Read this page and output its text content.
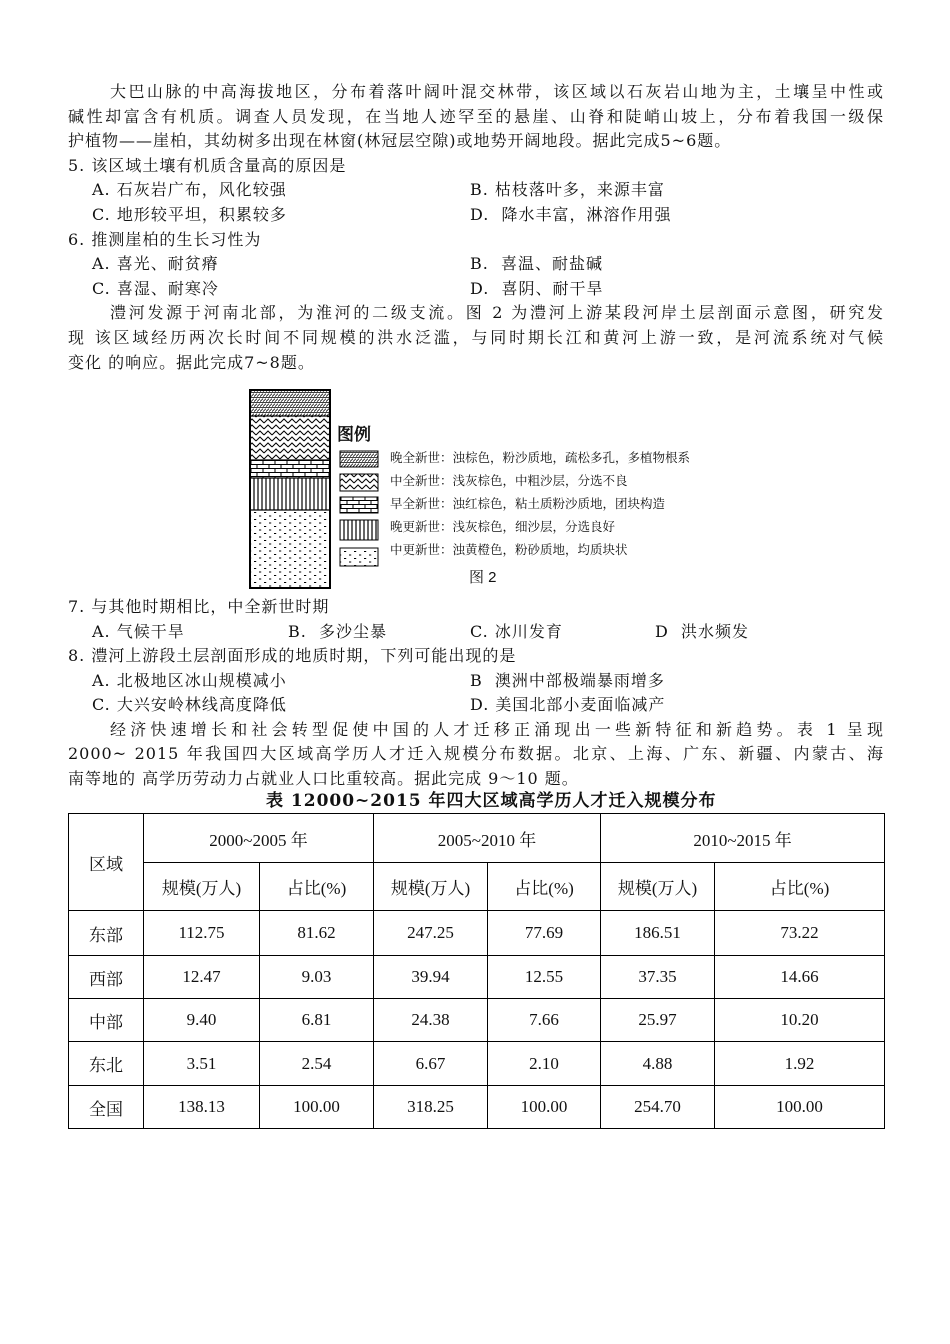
大巴山脉的中高海拔地区，分布着落叶阔叶混交林带，该区域以石灰岩山地为主，土壤呈中性或
碱性却富含有机质。调查人员发现，在当地人迹罕至的悬崖、山脊和陡峭山坡上，分布着我国一级保
护植物——崖柏，其幼树多出现在林窗(林冠层空隙)或地势开阔地段。据此完成5~6题。
5. 该区域土壤有机质含量高的原因是
A. 石灰岩广布，风化较强	B. 枯枝落叶多，来源丰富
C. 地形较平坦，积累较多	D.  降水丰富，淋溶作用强
6. 推测崖柏的生长习性为
A. 喜光、耐贫瘠	B.  喜温、耐盐碱
C. 喜湿、耐寒冷	D.  喜阴、耐干旱
澧河发源于河南北部，为淮河的二级支流。图 2 为澧河上游某段河岸土层剖面示意图，研究发
现 该区域经历两次长时间不同规模的洪水泛滥，与同时期长江和黄河上游一致，是河流系统对气候
变化 的响应。据此完成7~8题。
图例
晚全新世：浊棕色，粉沙质地，疏松多孔，多植物根系
中全新世：浅灰棕色，中粗沙层，分选不良
早全新世：浊红棕色，粘土质粉沙质地，团块构造
晚更新世：浅灰棕色，细沙层，分选良好
中更新世：浊黄橙色，粉砂质地，均质块状
图 2
7. 与其他时期相比，中全新世时期
A. 气候干旱	B.  多沙尘暴	C. 冰川发育	D  洪水频发
8. 澧河上游段土层剖面形成的地质时期，下列可能出现的是
A. 北极地区冰山规模减小	B  澳洲中部极端暴雨增多
C. 大兴安岭林线高度降低	D. 美国北部小麦面临减产
经济快速增长和社会转型促使中国的人才迁移正涌现出一些新特征和新趋势。表 1 呈现
2000~ 2015 年我国四大区域高学历人才迁入规模分布数据。北京、上海、广东、新疆、内蒙古、海
南等地的 高学历劳动力占就业人口比重较高。据此完成 9～10 题。
表 12000~2015 年四大区域高学历人才迁入规模分布
区域	2000~2005 年		2005~2010 年		2010~2015 年	
	规模(万人)	占比(%)	规模(万人)	占比(%)	规模(万人)	占比(%)
东部	112.75	81.62	247.25	77.69	186.51	73.22
西部	12.47	9.03	39.94	12.55	37.35	14.66
中部	9.40	6.81	24.38	7.66	25.97	10.20
东北	3.51	2.54	6.67	2.10	4.88	1.92
全国	138.13	100.00	318.25	100.00	254.70	100.00
